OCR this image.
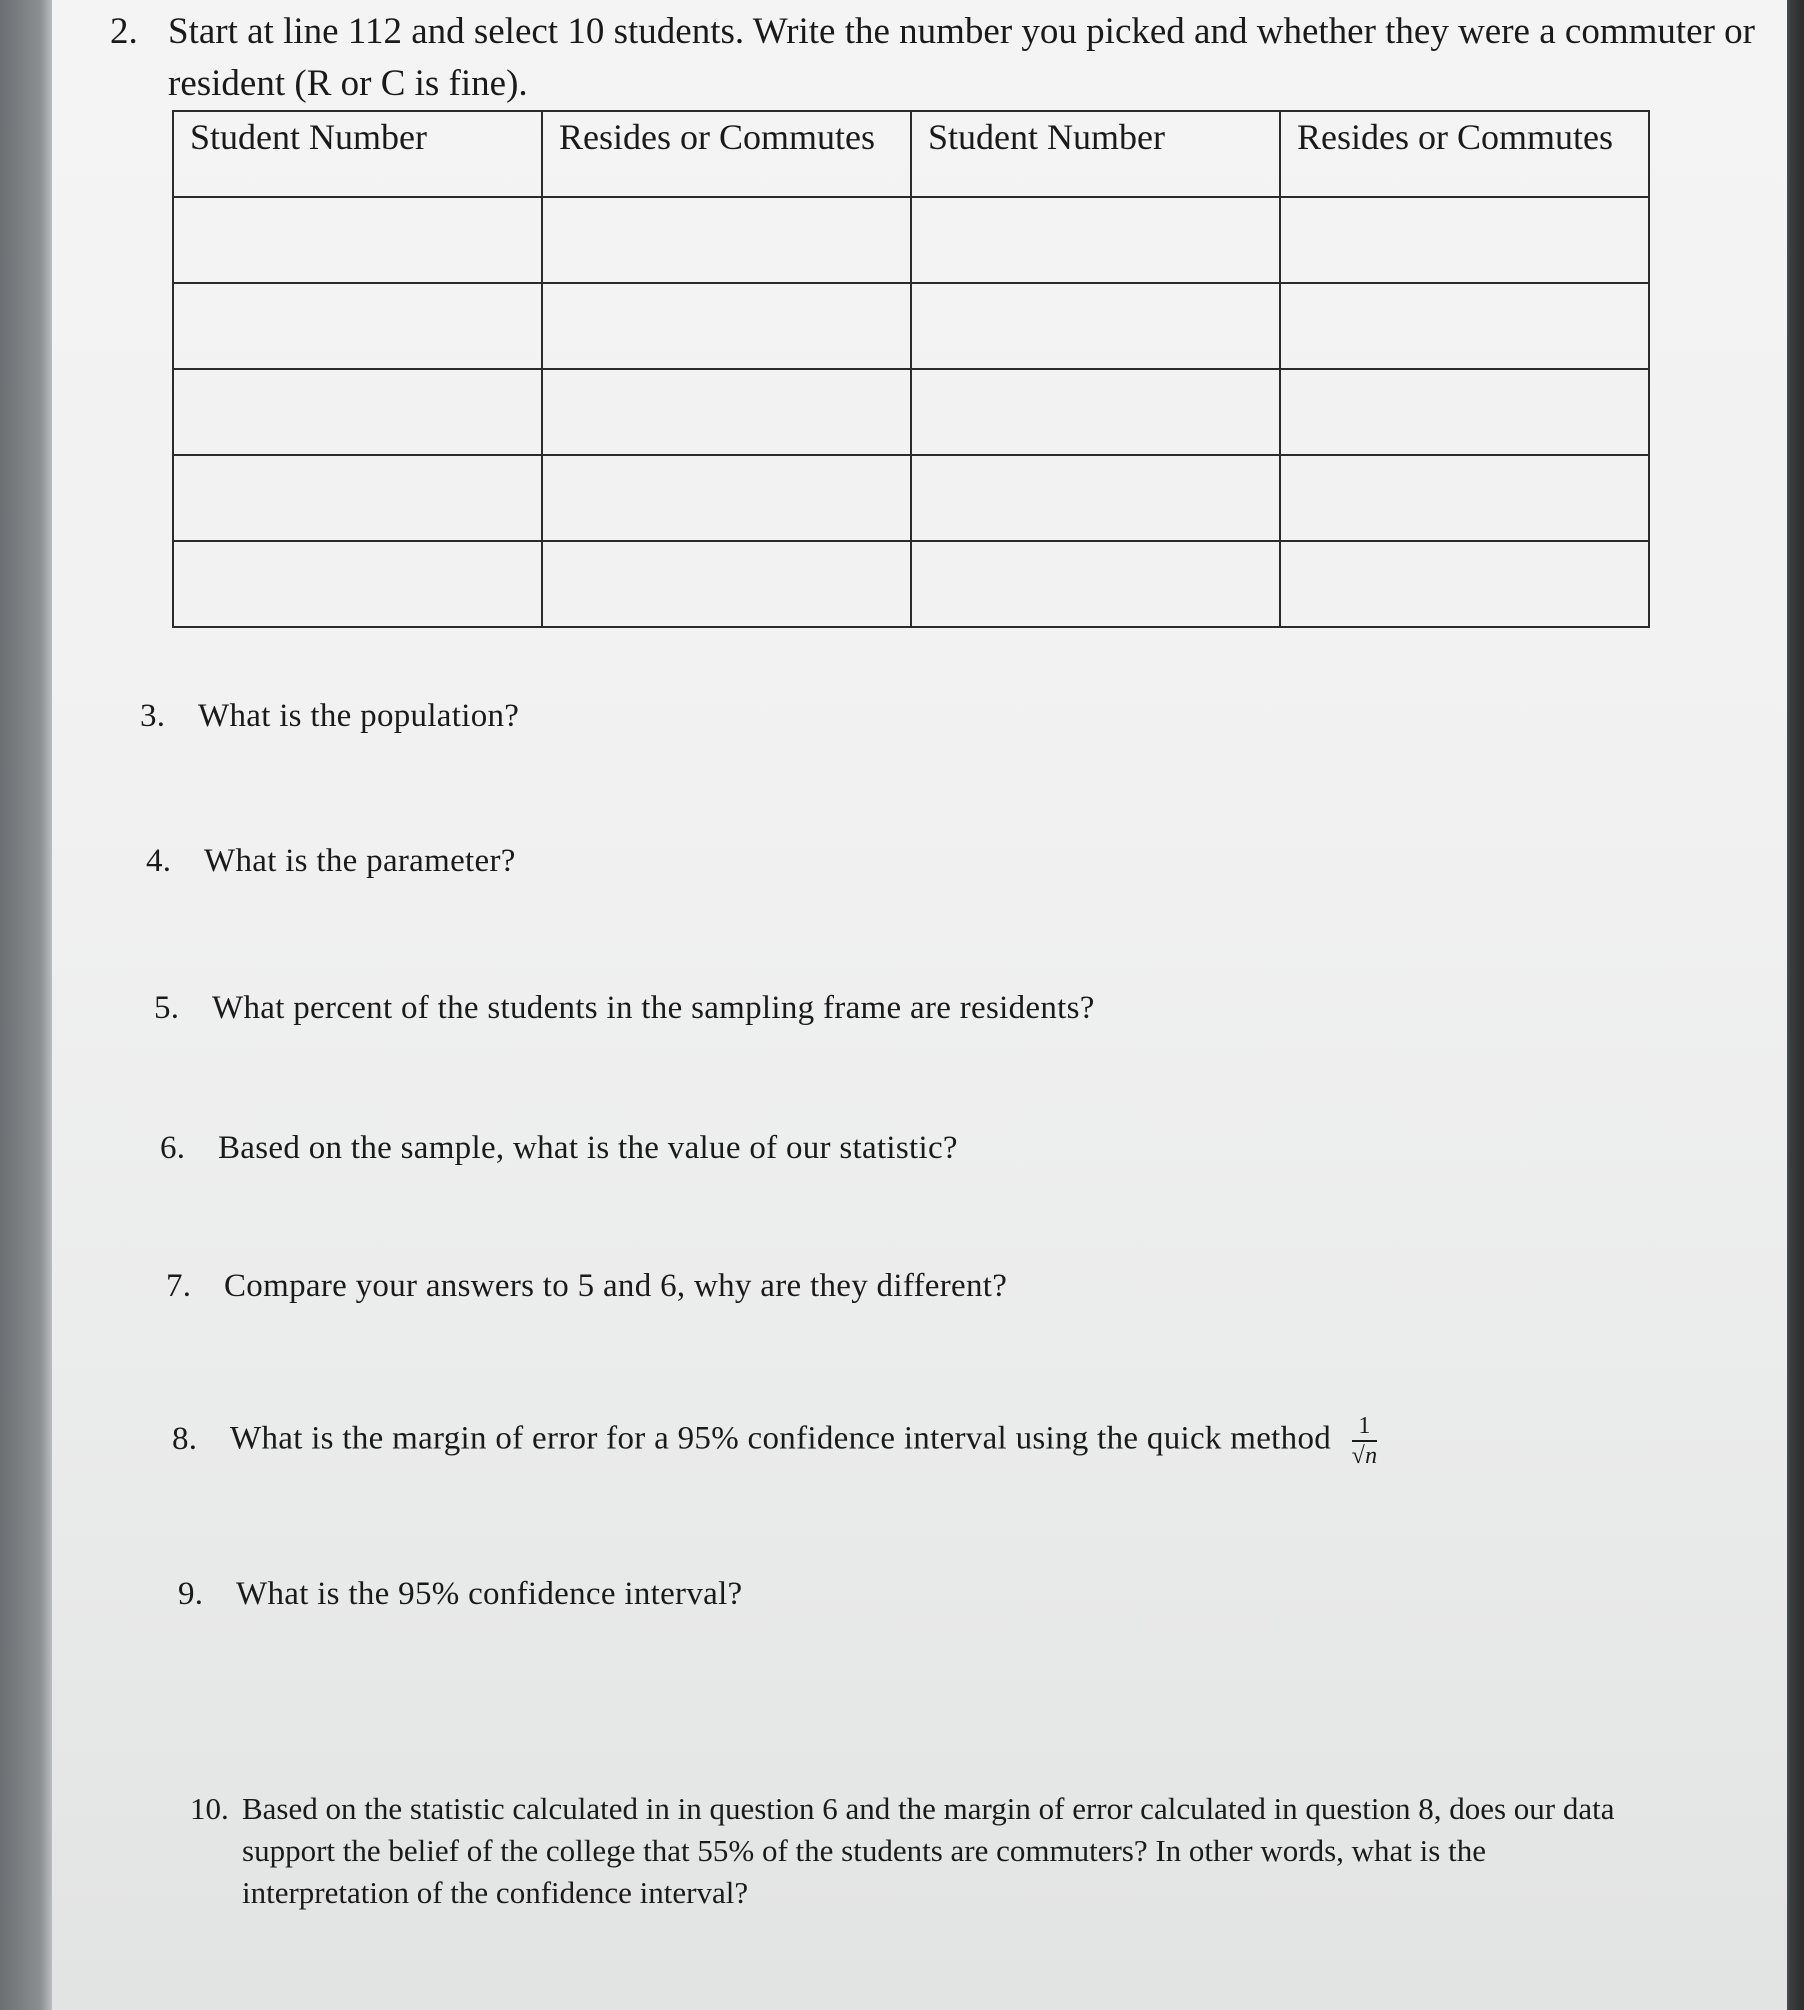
2. Start at line 112 and select 10 students. Write the number you picked and whether they were a commuter or resident (R or C is fine).
Student Number	Resides or Commutes	Student Number	Resides or Commutes

3. What is the population?
4. What is the parameter?
5. What percent of the students in the sampling frame are residents?
6. Based on the sample, what is the value of our statistic?
7. Compare your answers to 5 and 6, why are they different?
8. What is the margin of error for a 95% confidence interval using the quick method $\frac{1}{√n}$
9. What is the 95% confidence interval?
10. Based on the statistic calculated in in question 6 and the margin of error calculated in question 8, does our data support the belief of the college that 55% of the students are commuters? In other words, what is the interpretation of the confidence interval?
